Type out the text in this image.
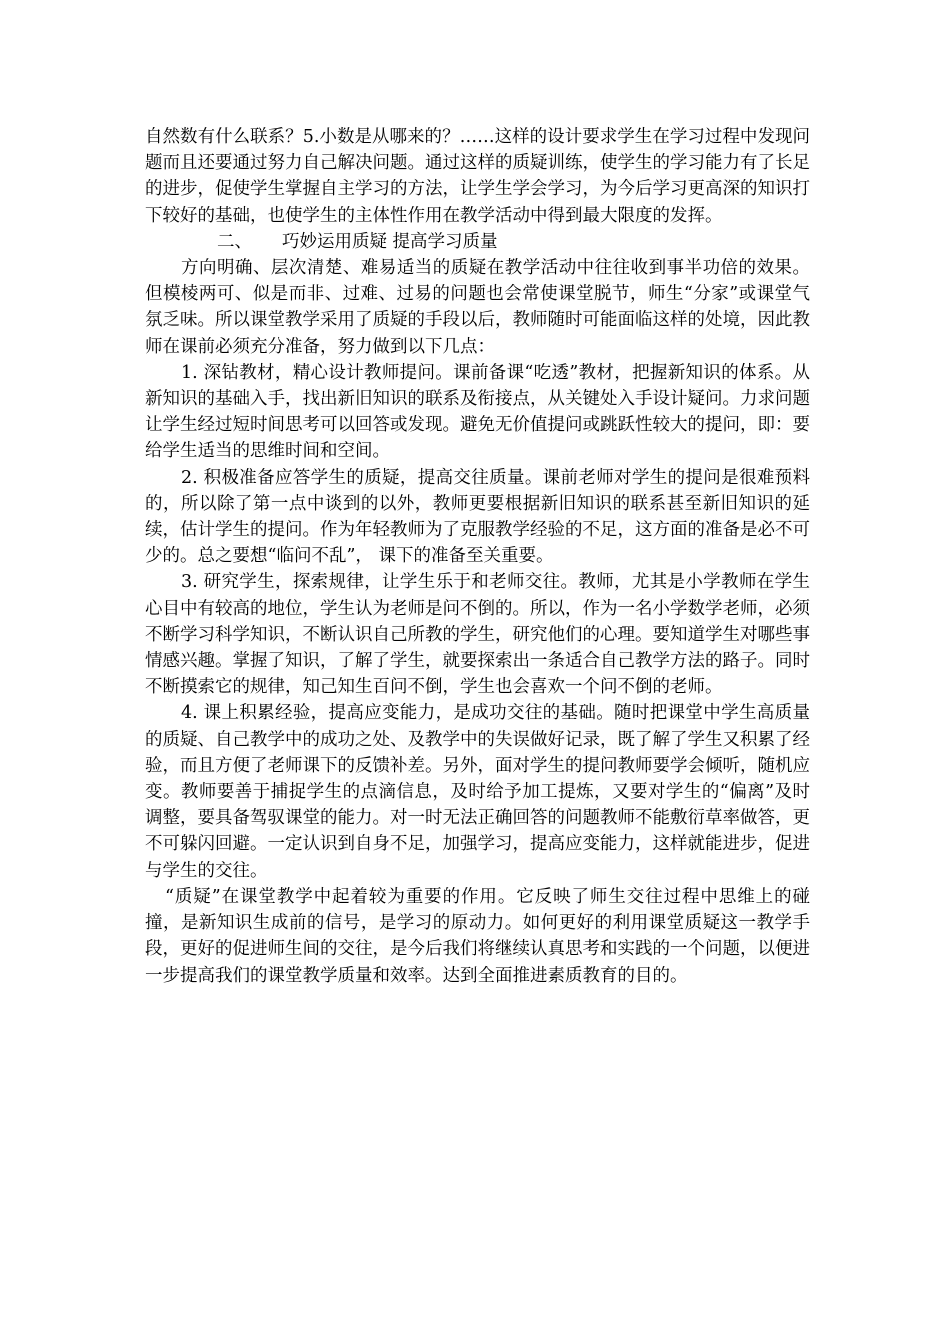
自然数有什么联系？5.小数是从哪来的？……这样的设计要求学生在学习过程中发现问题而且还要通过努力自己解决问题。通过这样的质疑训练，使学生的学习能力有了长足的进步，促使学生掌握自主学习的方法，让学生学会学习，为今后学习更高深的知识打下较好的基础，也使学生的主体性作用在教学活动中得到最大限度的发挥。

二、 巧妙运用质疑 提高学习质量

方向明确、层次清楚、难易适当的质疑在教学活动中往往收到事半功倍的效果。但模棱两可、似是而非、过难、过易的问题也会常使课堂脱节，师生“分家”或课堂气氛乏味。所以课堂教学采用了质疑的手段以后，教师随时可能面临这样的处境，因此教师在课前必须充分准备，努力做到以下几点：

1. 深钻教材，精心设计教师提问。课前备课“吃透”教材，把握新知识的体系。从新知识的基础入手，找出新旧知识的联系及衔接点，从关键处入手设计疑问。力求问题让学生经过短时间思考可以回答或发现。避免无价值提问或跳跃性较大的提问，即：要给学生适当的思维时间和空间。

2. 积极准备应答学生的质疑，提高交往质量。课前老师对学生的提问是很难预料的，所以除了第一点中谈到的以外，教师更要根据新旧知识的联系甚至新旧知识的延续，估计学生的提问。作为年轻教师为了克服教学经验的不足，这方面的准备是必不可少的。总之要想“临问不乱”， 课下的准备至关重要。

3. 研究学生，探索规律，让学生乐于和老师交往。教师，尤其是小学教师在学生心目中有较高的地位，学生认为老师是问不倒的。所以，作为一名小学数学老师，必须不断学习科学知识，不断认识自己所教的学生，研究他们的心理。要知道学生对哪些事情感兴趣。掌握了知识，了解了学生，就要探索出一条适合自己教学方法的路子。同时不断摸索它的规律，知己知生百问不倒，学生也会喜欢一个问不倒的老师。

4. 课上积累经验，提高应变能力，是成功交往的基础。随时把课堂中学生高质量的质疑、自己教学中的成功之处、及教学中的失误做好记录，既了解了学生又积累了经验，而且方便了老师课下的反馈补差。另外，面对学生的提问教师要学会倾听，随机应变。教师要善于捕捉学生的点滴信息，及时给予加工提炼，又要对学生的“偏离”及时调整，要具备驾驭课堂的能力。对一时无法正确回答的问题教师不能敷衍草率做答，更不可躲闪回避。一定认识到自身不足，加强学习，提高应变能力，这样就能进步，促进与学生的交往。

“质疑”在课堂教学中起着较为重要的作用。它反映了师生交往过程中思维上的碰撞，是新知识生成前的信号，是学习的原动力。如何更好的利用课堂质疑这一教学手段，更好的促进师生间的交往，是今后我们将继续认真思考和实践的一个问题，以便进一步提高我们的课堂教学质量和效率。达到全面推进素质教育的目的。
